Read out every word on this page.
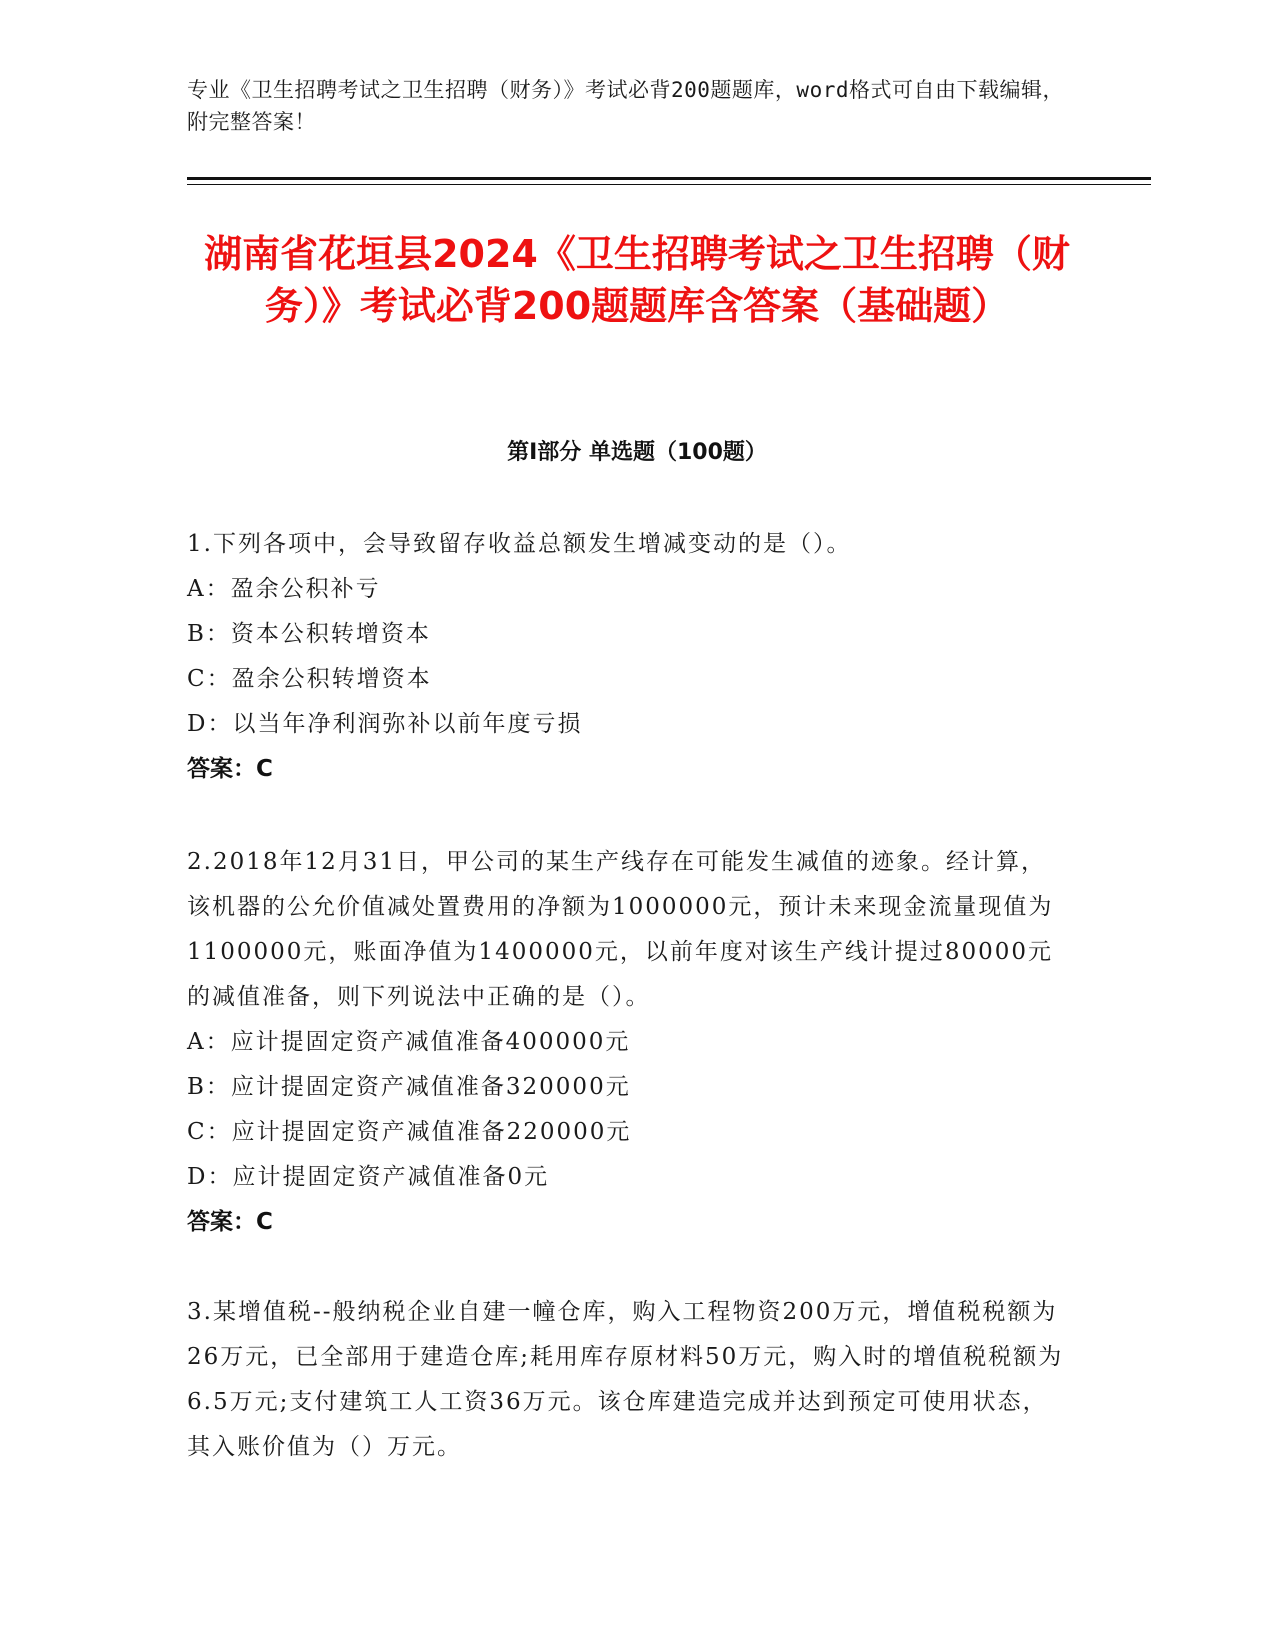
专业《卫生招聘考试之卫生招聘（财务）》考试必背200题题库，word格式可自由下载编辑，附完整答案！
湖南省花垣县2024《卫生招聘考试之卫生招聘（财务）》考试必背200题题库含答案（基础题）
第Ⅰ部分 单选题（100题）

1.下列各项中，会导致留存收益总额发生增减变动的是（）。

A：盈余公积补亏

B：资本公积转增资本

C：盈余公积转增资本

D：以当年净利润弥补以前年度亏损

答案：C

2.2018年12月31日，甲公司的某生产线存在可能发生减值的迹象。经计算，该机器的公允价值减处置费用的净额为1000000元，预计未来现金流量现值为1100000元，账面净值为1400000元，以前年度对该生产线计提过80000元的减值准备，则下列说法中正确的是（）。

A：应计提固定资产减值准备400000元

B：应计提固定资产减值准备320000元

C：应计提固定资产减值准备220000元

D：应计提固定资产减值准备0元

答案：C

3.某增值税--般纳税企业自建一幢仓库，购入工程物资200万元，增值税税额为26万元，已全部用于建造仓库;耗用库存原材料50万元，购入时的增值税税额为6.5万元;支付建筑工人工资36万元。该仓库建造完成并达到预定可使用状态，其入账价值为（）万元。
